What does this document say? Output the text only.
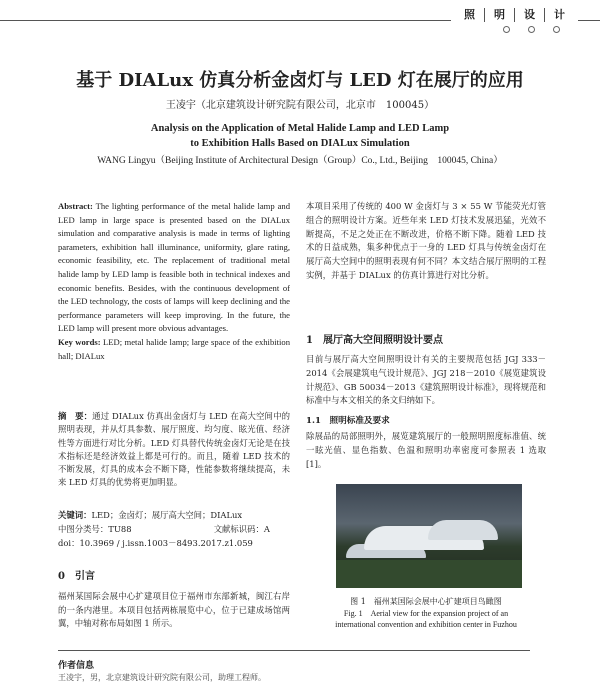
照	明	设	计
基于 DIALux 仿真分析金卤灯与 LED 灯在展厅的应用
王凌宇（北京建筑设计研究院有限公司，北京市　100045）
Analysis on the Application of Metal Halide Lamp and LED Lamp
to Exhibition Halls Based on DIALux Simulation
WANG Lingyu（Beijing Institute of Architectural Design（Group）Co., Ltd., Beijing　100045, China）
Abstract: The lighting performance of the metal halide lamp and LED lamp in large space is presented based on the DIALux simulation and comparative analysis is made in terms of lighting parameters, exhibition hall illuminance, uniformity, glare rating, economic feasibility, etc. The replacement of traditional metal halide lamp by LED lamp is feasible both in technical indexes and economic benefits. Besides, with the continuous development of the LED technology, the costs of lamps will keep declining and the performance parameters will keep improving. In the future, the LED lamp will present more obvious advantages.
Key words: LED; metal halide lamp; large space of the exhibition hall; DIALux
摘　要：通过 DIALux 仿真出金卤灯与 LED 在高大空间中的照明表现，并从灯具参数、展厅照度、均匀度、眩光值、经济性等方面进行对比分析。LED 灯具替代传统金卤灯无论是在技术指标还是经济效益上都是可行的。而且，随着 LED 技术的不断发展，灯具的成本会不断下降，性能参数将继续提高，未来 LED 灯具的优势将更加明显。
关键词：LED；金卤灯；展厅高大空间；DIALux
中图分类号：TU88	文献标识码：A
doi：10.3969 / j.issn.1003－8493.2017.z1.059
0　引言
福州某国际会展中心扩建项目位于福州市东部新城，闽江右岸的一条内港里。本项目包括两栋展览中心，位于已建成场馆两翼，中轴对称布局如图 1 所示。
本项目采用了传统的 400 W 金卤灯与 3 × 55 W 节能荧光灯管组合的照明设计方案。近些年来 LED 灯技术发展迅猛，光效不断提高，不足之处正在不断改进，价格不断下降。随着 LED 技术的日益成熟，集多种优点于一身的 LED 灯具与传统金卤灯在展厅高大空间中的照明表现有何不同？本文结合展厅照明的工程实例，并基于 DIALux 的仿真计算进行对比分析。
1　展厅高大空间照明设计要点
目前与展厅高大空间照明设计有关的主要规范包括 JGJ 333－2014《会展建筑电气设计规范》、JGJ 218－2010《展览建筑设计规范》、GB 50034－2013《建筑照明设计标准》，现将规范和标准中与本文相关的条文归纳如下。
1.1　照明标准及要求
除展品的局部照明外，展览建筑展厅的一般照明照度标准值、统一眩光值、显色指数、色温和照明功率密度可参照表 1 选取[1]。
图 1　福州某国际会展中心扩建项目鸟瞰图
Fig. 1　Aerial view for the expansion project of an
international convention and exhibition center in Fuzhou
作者信息
王凌宇，男，北京建筑设计研究院有限公司，助理工程师。
